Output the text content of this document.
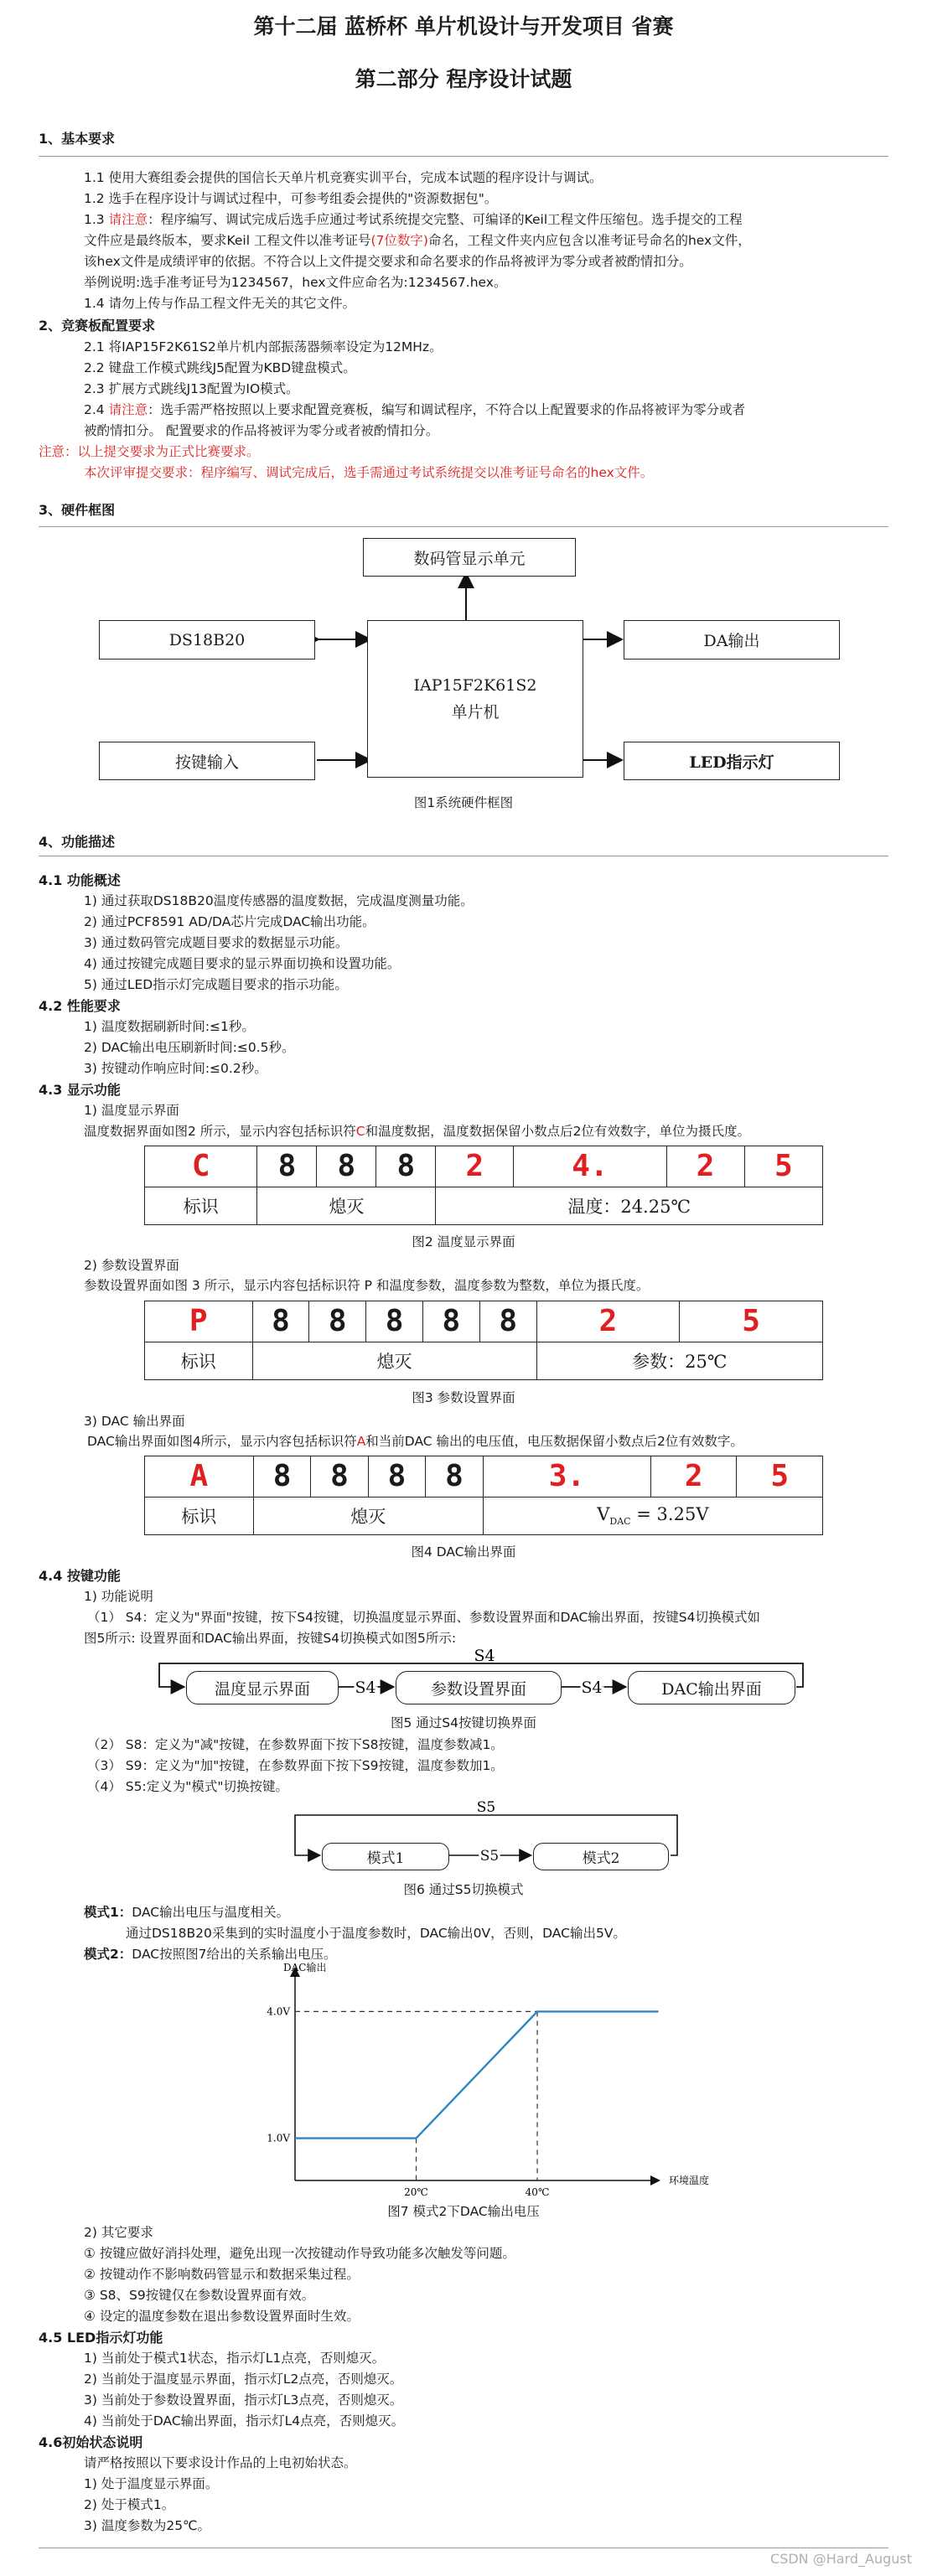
第十二届 蓝桥杯 单片机设计与开发项目 省赛
第二部分 程序设计试题
1、基本要求
1.1 使用大赛组委会提供的国信长天单片机竞赛实训平台，完成本试题的程序设计与调试。
1.2 选手在程序设计与调试过程中，可参考组委会提供的"资源数据包"。
1.3 请注意：程序编写、调试完成后选手应通过考试系统提交完整、可编译的Keil工程文件压缩包。选手提交的工程
文件应是最终版本，要求Keil 工程文件以准考证号(7位数字)命名，工程文件夹内应包含以准考证号命名的hex文件，
该hex文件是成绩评审的依据。不符合以上文件提交要求和命名要求的作品将被评为零分或者被酌情扣分。
举例说明:选手准考证号为1234567，hex文件应命名为:1234567.hex。
1.4 请勿上传与作品工程文件无关的其它文件。
2、竞赛板配置要求
2.1 将IAP15F2K61S2单片机内部振荡器频率设定为12MHz。
2.2 键盘工作模式跳线J5配置为KBD键盘模式。
2.3 扩展方式跳线J13配置为IO模式。
2.4 请注意：选手需严格按照以上要求配置竞赛板，编写和调试程序，不符合以上配置要求的作品将被评为零分或者
被酌情扣分。 配置要求的作品将被评为零分或者被酌情扣分。
注意：以上提交要求为正式比赛要求。
本次评审提交要求：程序编写、调试完成后，选手需通过考试系统提交以准考证号命名的hex文件。
3、硬件框图
数码管显示单元
DS18B20
IAP15F2K61S2
单片机
DA输出
按键输入	LED指示灯
图1系统硬件框图
4、功能描述
4.1 功能概述
1) 通过获取DS18B20温度传感器的温度数据，完成温度测量功能。
2) 通过PCF8591 AD/DA芯片完成DAC输出功能。
3) 通过数码管完成题目要求的数据显示功能。
4) 通过按键完成题目要求的显示界面切换和设置功能。
5) 通过LED指示灯完成题目要求的指示功能。
4.2 性能要求
1) 温度数据刷新时间:≤1秒。
2) DAC输出电压刷新时间:≤0.5秒。
3) 按键动作响应时间:≤0.2秒。
4.3 显示功能
1) 温度显示界面
温度数据界面如图2 所示，显示内容包括标识符C和温度数据，温度数据保留小数点后2位有效数字，单位为摄氏度。
C	8	8	8	2	4.	2	5
标识	熄灭			温度：24.25℃			
图2 温度显示界面
2) 参数设置界面
参数设置界面如图 3 所示，显示内容包括标识符 P 和温度参数，温度参数为整数，单位为摄氏度。
P	8	8	8	8	8	2	5
标识	熄灭					参数：25℃	
图3 参数设置界面
3) DAC 输出界面
DAC输出界面如图4所示，显示内容包括标识符A和当前DAC 输出的电压值，电压数据保留小数点后2位有效数字。
A	8	8	8	8	3.	2	5
标识	熄灭				$V_{DAC} = 3.25V$		
图4 DAC输出界面
4.4 按键功能
1) 功能说明
（1） S4：定义为"界面"按键，按下S4按键，切换温度显示界面、参数设置界面和DAC输出界面，按键S4切换模式如
图5所示: 设置界面和DAC输出界面，按键S4切换模式如图5所示:
S4
S4	S4
温度显示界面	参数设置界面	DAC输出界面
图5 通过S4按键切换界面
（2） S8：定义为"减"按键，在参数界面下按下S8按键，温度参数减1。
（3） S9：定义为"加"按键，在参数界面下按下S9按键，温度参数加1。
（4） S5:定义为"模式"切换按键。
S5
S5
模式1	模式2
图6 通过S5切换模式
模式1：DAC输出电压与温度相关。
通过DS18B20采集到的实时温度小于温度参数时，DAC输出0V，否则，DAC输出5V。
模式2：DAC按照图7给出的关系输出电压。
DAC输出
环境温度
1.0V
4.0V
20℃	40℃
图7 模式2下DAC输出电压
2) 其它要求
① 按键应做好消抖处理，避免出现一次按键动作导致功能多次触发等问题。
② 按键动作不影响数码管显示和数据采集过程。
③ S8、S9按键仅在参数设置界面有效。
④ 设定的温度参数在退出参数设置界面时生效。
4.5 LED指示灯功能
1) 当前处于模式1状态，指示灯L1点亮，否则熄灭。
2) 当前处于温度显示界面，指示灯L2点亮，否则熄灭。
3) 当前处于参数设置界面，指示灯L3点亮，否则熄灭。
4) 当前处于DAC输出界面，指示灯L4点亮，否则熄灭。
4.6初始状态说明
请严格按照以下要求设计作品的上电初始状态。
1) 处于温度显示界面。
2) 处于模式1。
3) 温度参数为25℃。
CSDN @Hard_August
